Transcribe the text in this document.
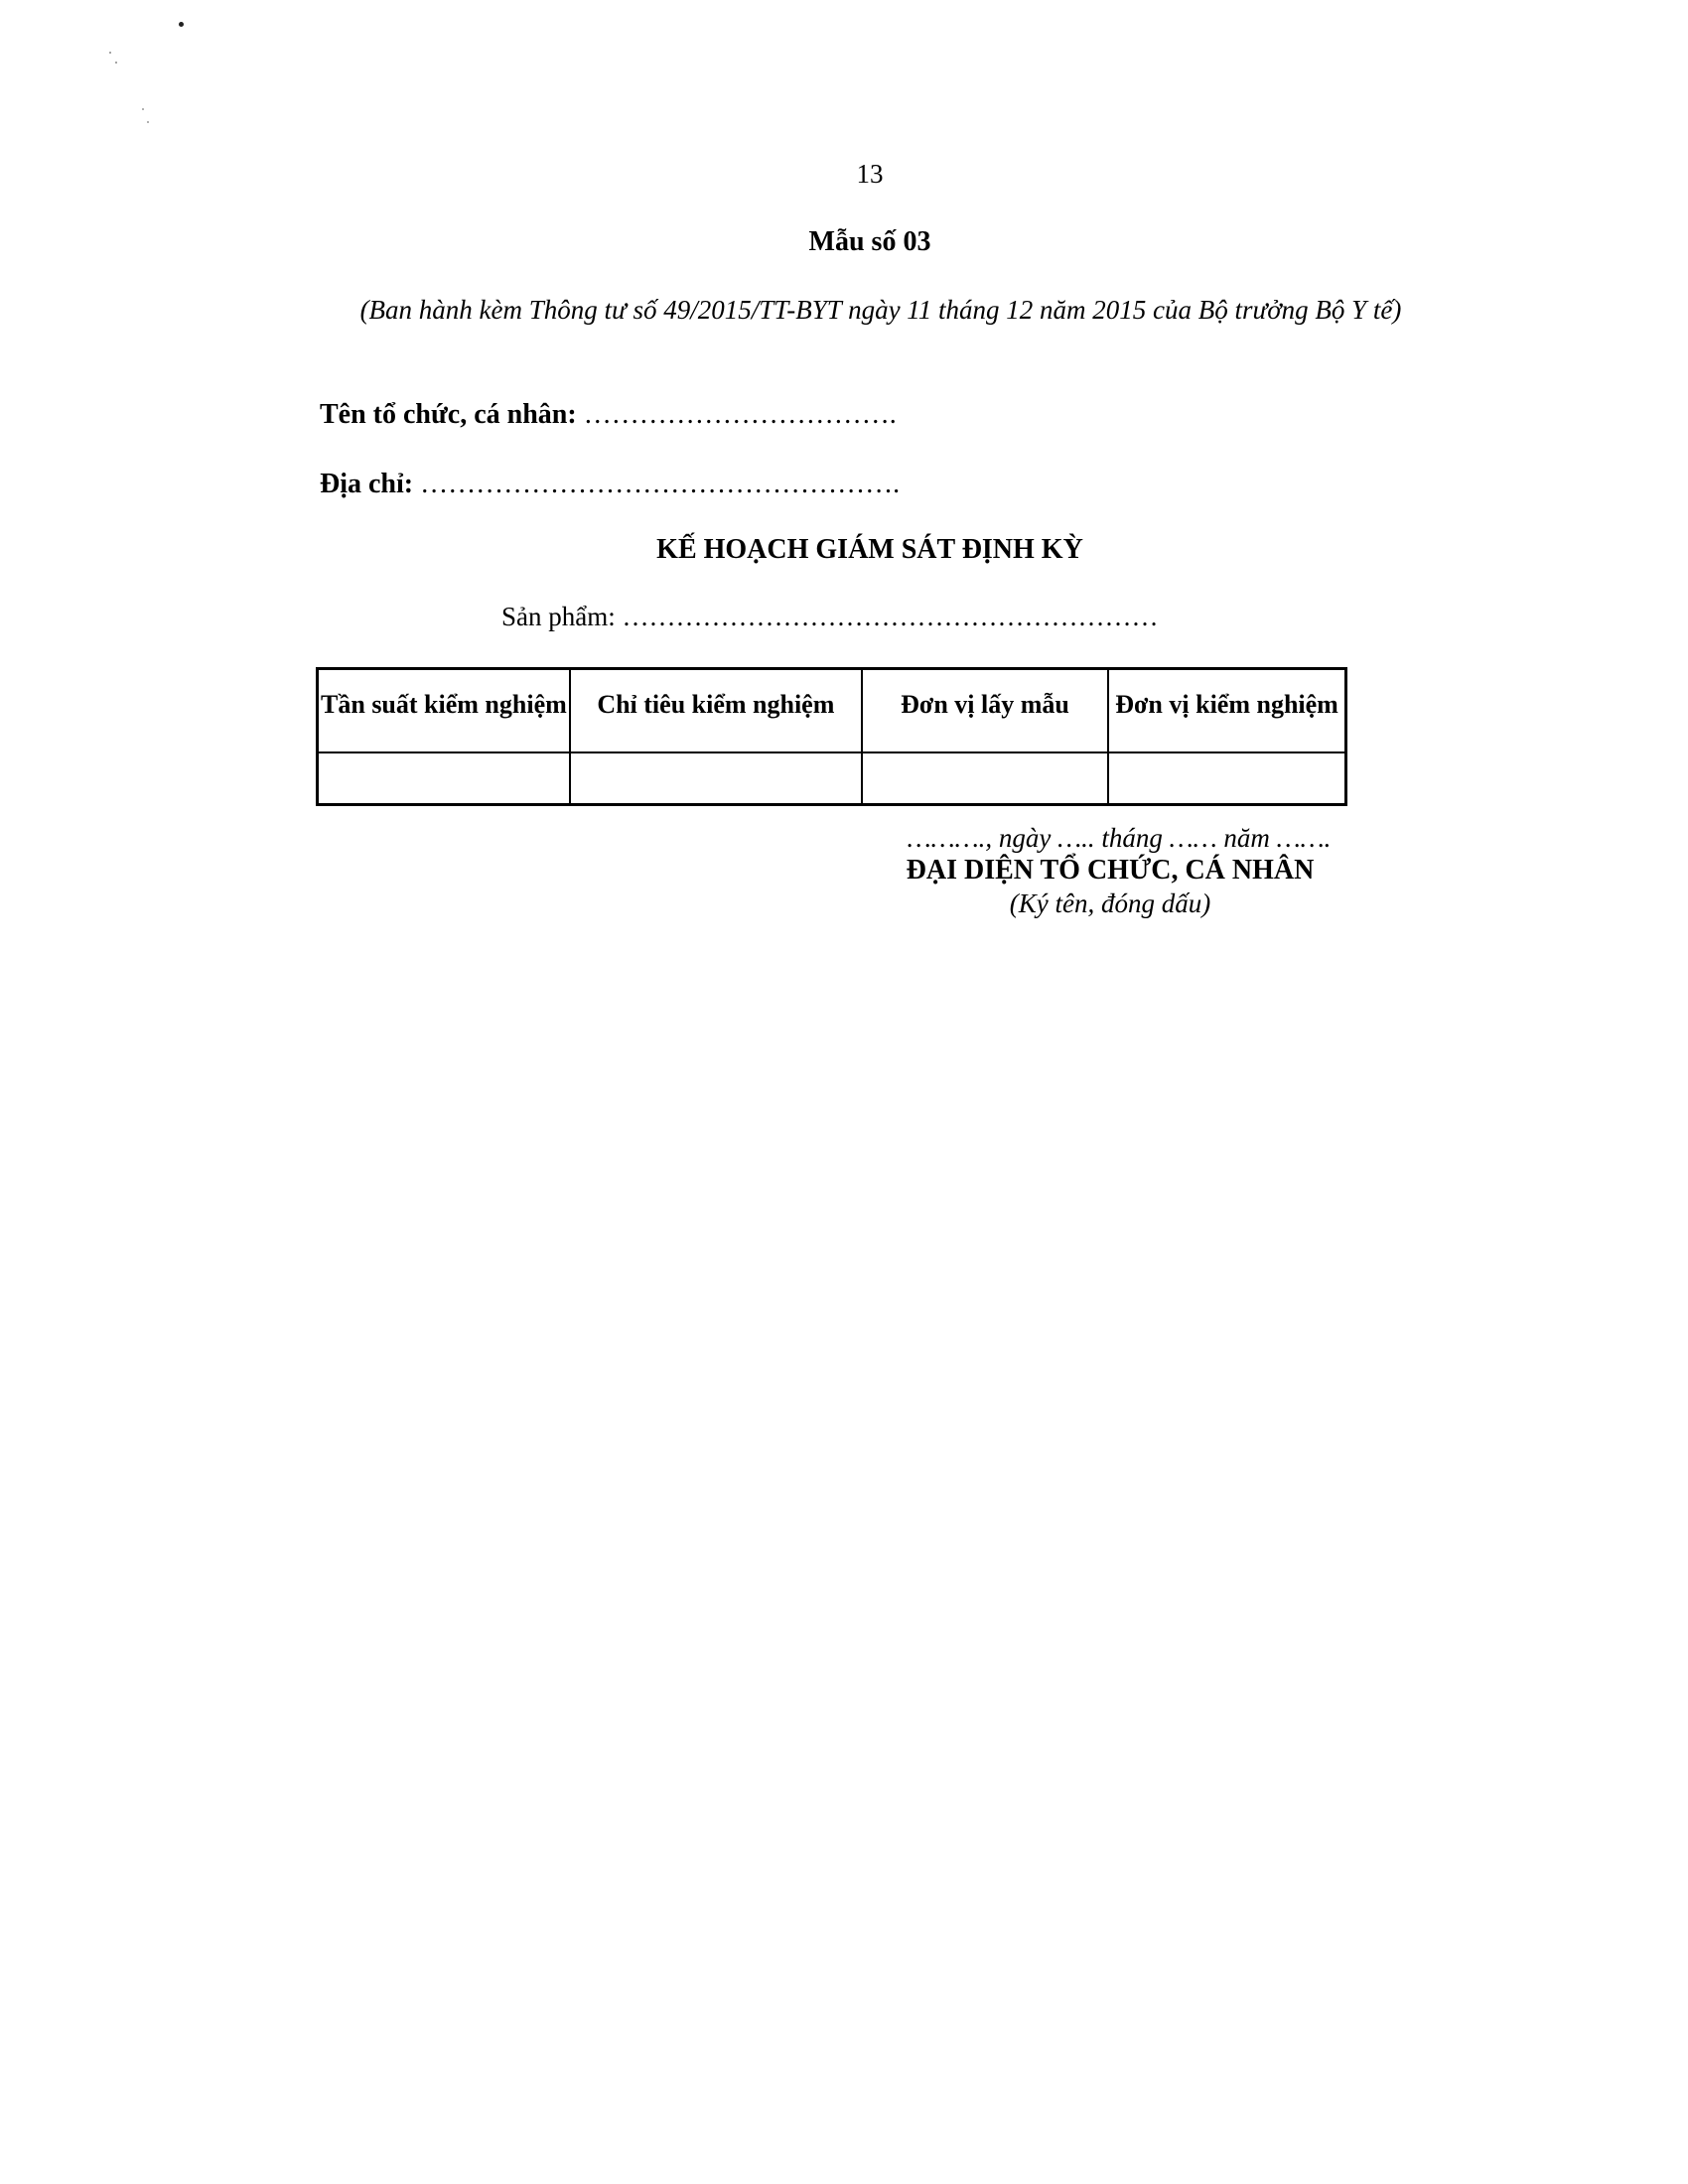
13
Mẫu số 03
(Ban hành kèm Thông tư số 49/2015/TT-BYT ngày 11 tháng 12 năm 2015 của Bộ trưởng Bộ Y tế)
Tên tổ chức, cá nhân: …………………………….
Địa chỉ: …………………………………………….
KẾ HOẠCH GIÁM SÁT ĐỊNH KỲ
Sản phẩm: ……………………………………………………
Tần suất kiểm nghiệm	Chỉ tiêu kiểm nghiệm	Đơn vị lấy mẫu	Đơn vị kiểm nghiệm

………., ngày ….. tháng …… năm …….
ĐẠI DIỆN TỔ CHỨC, CÁ NHÂN
(Ký tên, đóng dấu)
